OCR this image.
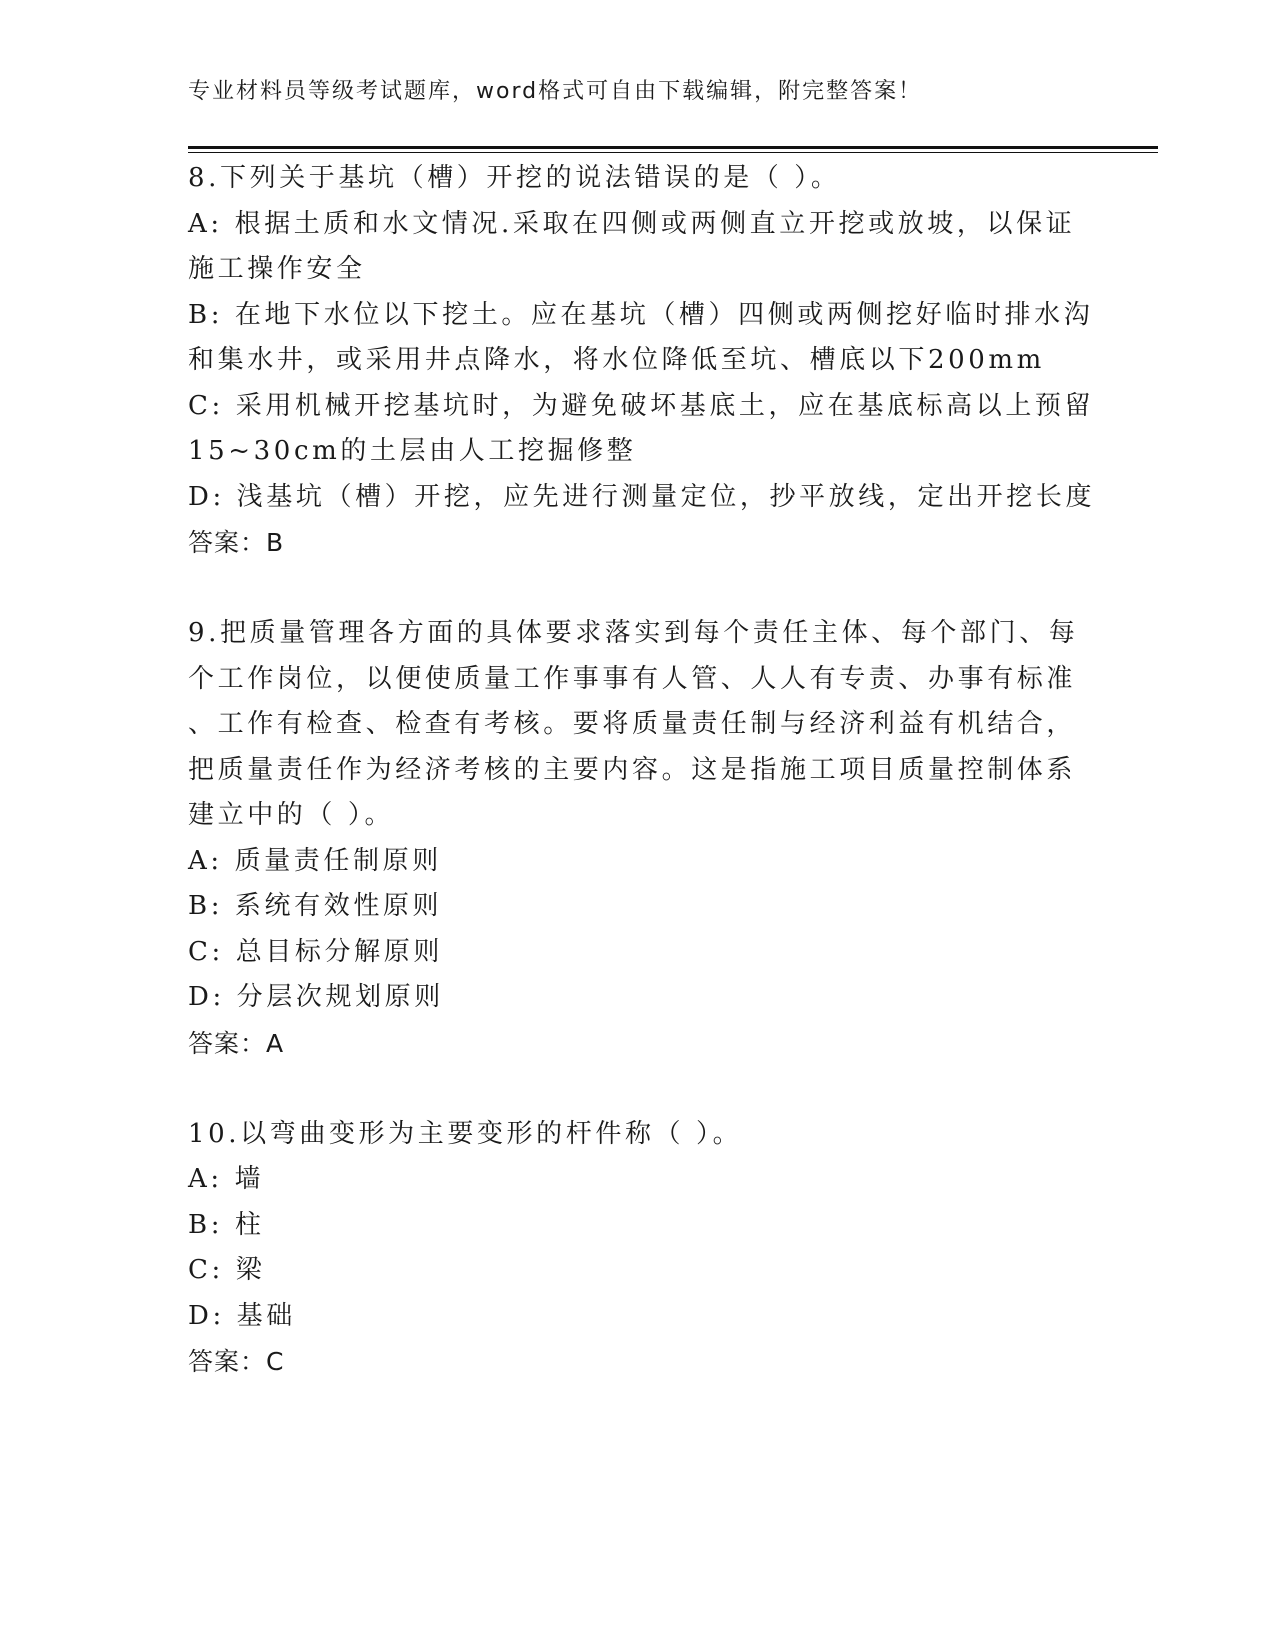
专业材料员等级考试题库，word格式可自由下载编辑，附完整答案！
8.下列关于基坑（槽）开挖的说法错误的是（ ）。
A: 根据土质和水文情况.采取在四侧或两侧直立开挖或放坡，以保证
施工操作安全
B: 在地下水位以下挖土。应在基坑（槽）四侧或两侧挖好临时排水沟
和集水井，或采用井点降水，将水位降低至坑、槽底以下200mm
C: 采用机械开挖基坑时，为避免破坏基底土，应在基底标高以上预留
15~30cm的土层由人工挖掘修整
D: 浅基坑（槽）开挖，应先进行测量定位，抄平放线，定出开挖长度
答案：B
9.把质量管理各方面的具体要求落实到每个责任主体、每个部门、每
个工作岗位，以便使质量工作事事有人管、人人有专责、办事有标准
、工作有检查、检查有考核。要将质量责任制与经济利益有机结合，
把质量责任作为经济考核的主要内容。这是指施工项目质量控制体系
建立中的（ ）。
A: 质量责任制原则
B: 系统有效性原则
C: 总目标分解原则
D: 分层次规划原则
答案：A
10.以弯曲变形为主要变形的杆件称（ ）。
A: 墙
B: 柱
C: 梁
D: 基础
答案：C
